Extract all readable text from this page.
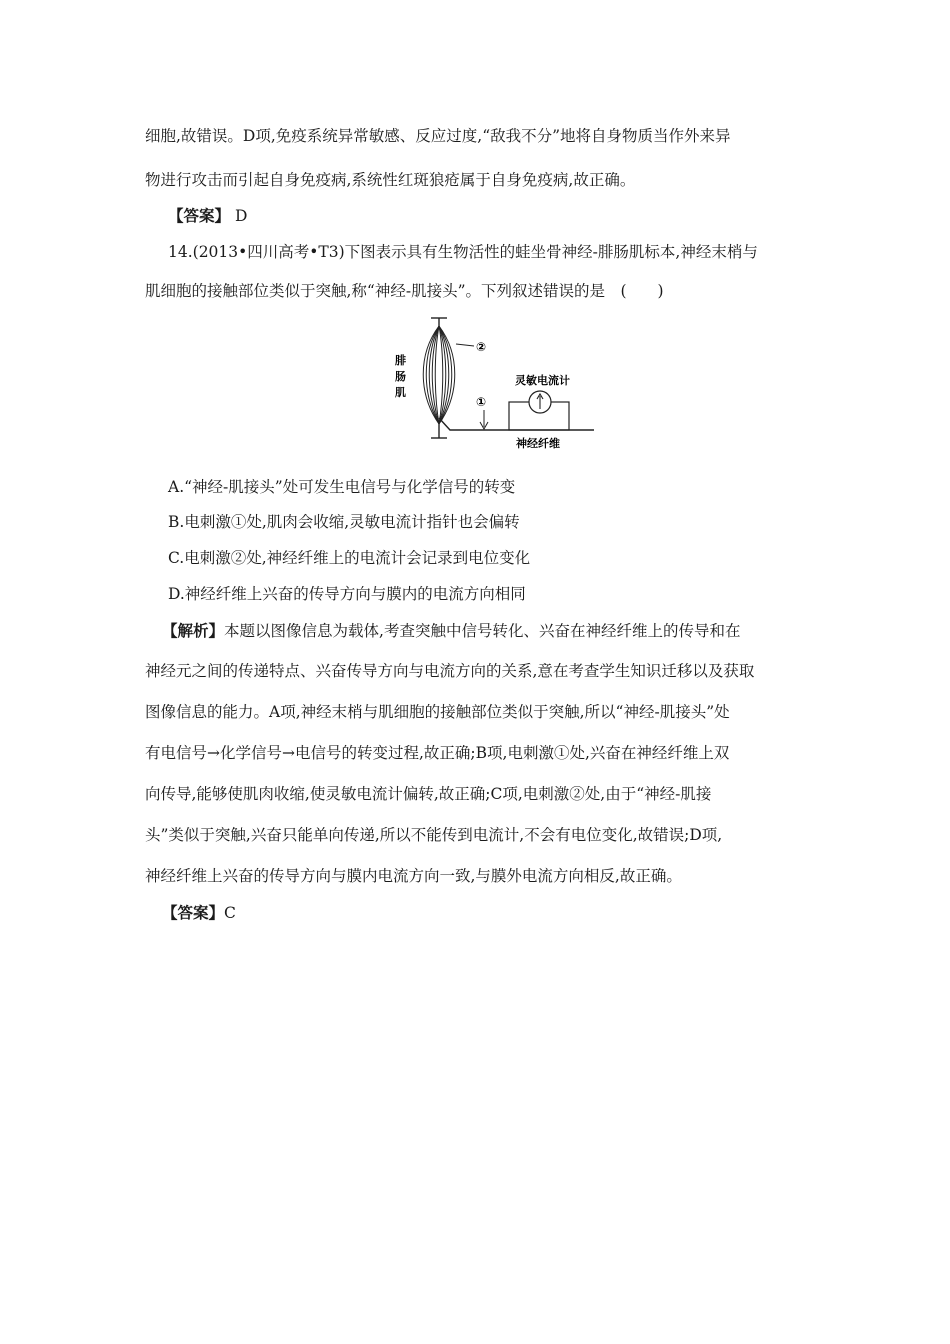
细胞,故错误。D项,免疫系统异常敏感、反应过度,“敌我不分”地将自身物质当作外来异
物进行攻击而引起自身免疫病,系统性红斑狼疮属于自身免疫病,故正确。
【答案】 D
14.(2013•四川高考•T3)下图表示具有生物活性的蛙坐骨神经-腓肠肌标本,神经末梢与
肌细胞的接触部位类似于突触,称“神经-肌接头”。下列叙述错误的是　(　　)
②
①
腓
肠
肌
灵敏电流计
神经纤维
A.“神经-肌接头”处可发生电信号与化学信号的转变
B.电刺激①处,肌肉会收缩,灵敏电流计指针也会偏转
C.电刺激②处,神经纤维上的电流计会记录到电位变化
D.神经纤维上兴奋的传导方向与膜内的电流方向相同
【解析】本题以图像信息为载体,考查突触中信号转化、兴奋在神经纤维上的传导和在
神经元之间的传递特点、兴奋传导方向与电流方向的关系,意在考查学生知识迁移以及获取
图像信息的能力。A项,神经末梢与肌细胞的接触部位类似于突触,所以“神经-肌接头”处
有电信号→化学信号→电信号的转变过程,故正确;B项,电刺激①处,兴奋在神经纤维上双
向传导,能够使肌肉收缩,使灵敏电流计偏转,故正确;C项,电刺激②处,由于“神经-肌接
头”类似于突触,兴奋只能单向传递,所以不能传到电流计,不会有电位变化,故错误;D项,
神经纤维上兴奋的传导方向与膜内电流方向一致,与膜外电流方向相反,故正确。
【答案】C
